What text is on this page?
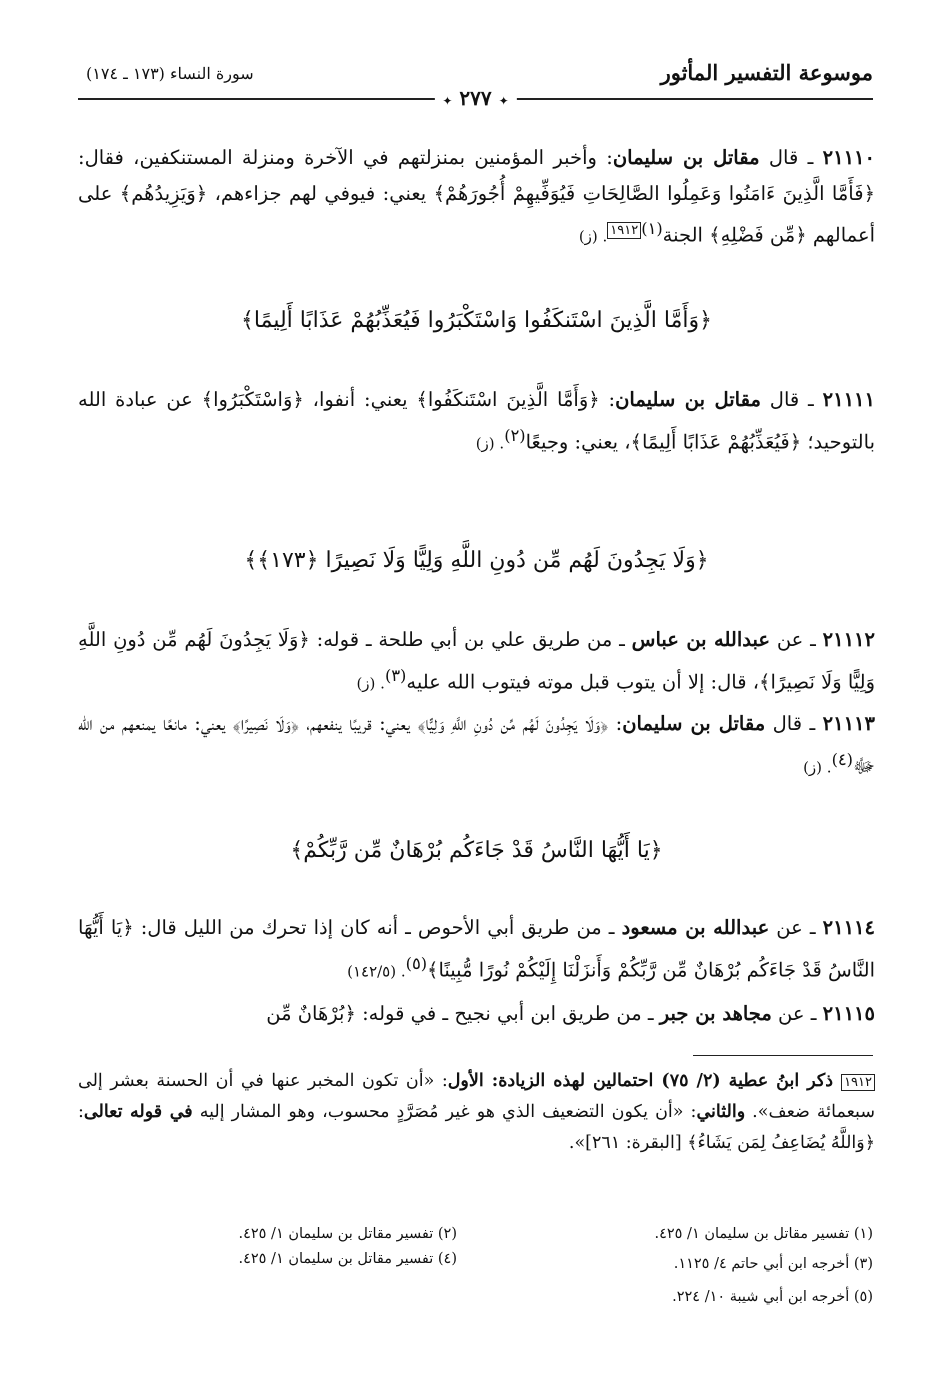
موسوعة التفسير المأثور
سورة النساء (١٧٣ ـ ١٧٤)
✦ ٢٧٧ ✦
٢١١١٠ ـ قال مقاتل بن سليمان: وأخبر المؤمنين بمنزلتهم في الآخرة ومنزلة المستنكفين، فقال: ﴿فَأَمَّا الَّذِينَ ءَامَنُوا وَعَمِلُوا الصَّالِحَاتِ فَيُوَفِّيهِمْ أُجُورَهُمْ﴾ يعني: فيوفي لهم جزاءهم، ﴿وَيَزِيدُهُم﴾ على أعمالهم ﴿مِّن فَضْلِهِ﴾ الجنة$^{(١)١٩١٢}$. (ز)
﴿وَأَمَّا الَّذِينَ اسْتَنكَفُوا وَاسْتَكْبَرُوا فَيُعَذِّبُهُمْ عَذَابًا أَلِيمًا﴾
٢١١١١ ـ قال مقاتل بن سليمان: ﴿وَأَمَّا الَّذِينَ اسْتَنكَفُوا﴾ يعني: أنفوا، ﴿وَاسْتَكْبَرُوا﴾ عن عبادة الله بالتوحيد؛ ﴿فَيُعَذِّبُهُمْ عَذَابًا أَلِيمًا﴾، يعني: وجيعًا$^{(٢)}$. (ز)
﴿وَلَا يَجِدُونَ لَهُم مِّن دُونِ اللَّهِ وَلِيًّا وَلَا نَصِيرًا ﴿١٧٣﴾﴾
٢١١١٢ ـ عن عبدالله بن عباس ـ من طريق علي بن أبي طلحة ـ قوله: ﴿وَلَا يَجِدُونَ لَهُم مِّن دُونِ اللَّهِ وَلِيًّا وَلَا نَصِيرًا﴾، قال: إلا أن يتوب قبل موته فيتوب الله عليه$^{(٣)}$. (ز)
٢١١١٣ ـ قال مقاتل بن سليمان: ﴿وَلَا يَجِدُونَ لَهُم مِّن دُونِ اللَّهِ وَلِيًّا﴾ يعني: قريبًا ينفعهم، ﴿وَلَا نَصِيرًا﴾ يعني: مانعًا يمنعهم من الله ﷻ$^{(٤)}$. (ز)
﴿يَا أَيُّهَا النَّاسُ قَدْ جَاءَكُم بُرْهَانٌ مِّن رَّبِّكُمْ﴾
٢١١١٤ ـ عن عبدالله بن مسعود ـ من طريق أبي الأحوص ـ أنه كان إذا تحرك من الليل قال: ﴿يَا أَيُّهَا النَّاسُ قَدْ جَاءَكُم بُرْهَانٌ مِّن رَّبِّكُمْ وَأَنزَلْنَا إِلَيْكُمْ نُورًا مُّبِينًا﴾$^{(٥)}$. (١٤٢/٥)
٢١١١٥ ـ عن مجاهد بن جبر ـ من طريق ابن أبي نجيح ـ في قوله: ﴿بُرْهَانٌ مِّن
١٩١٢ ذكر ابنُ عطية (٢/ ٧٥) احتمالين لهذه الزيادة: الأول: «أن تكون المخبر عنها في أن الحسنة بعشر إلى سبعمائة ضعف». والثاني: «أن يكون التضعيف الذي هو غير مُصَرَّدٍ محسوب، وهو المشار إليه في قوله تعالى: ﴿وَاللَّهُ يُضَاعِفُ لِمَن يَشَاءُ﴾ [البقرة: ٢٦١]».
(١) تفسير مقاتل بن سليمان ١/ ٤٢٥.
(٢) تفسير مقاتل بن سليمان ١/ ٤٢٥.
(٣) أخرجه ابن أبي حاتم ٤/ ١١٢٥.
(٤) تفسير مقاتل بن سليمان ١/ ٤٢٥.
(٥) أخرجه ابن أبي شيبة ١٠/ ٢٢٤.
